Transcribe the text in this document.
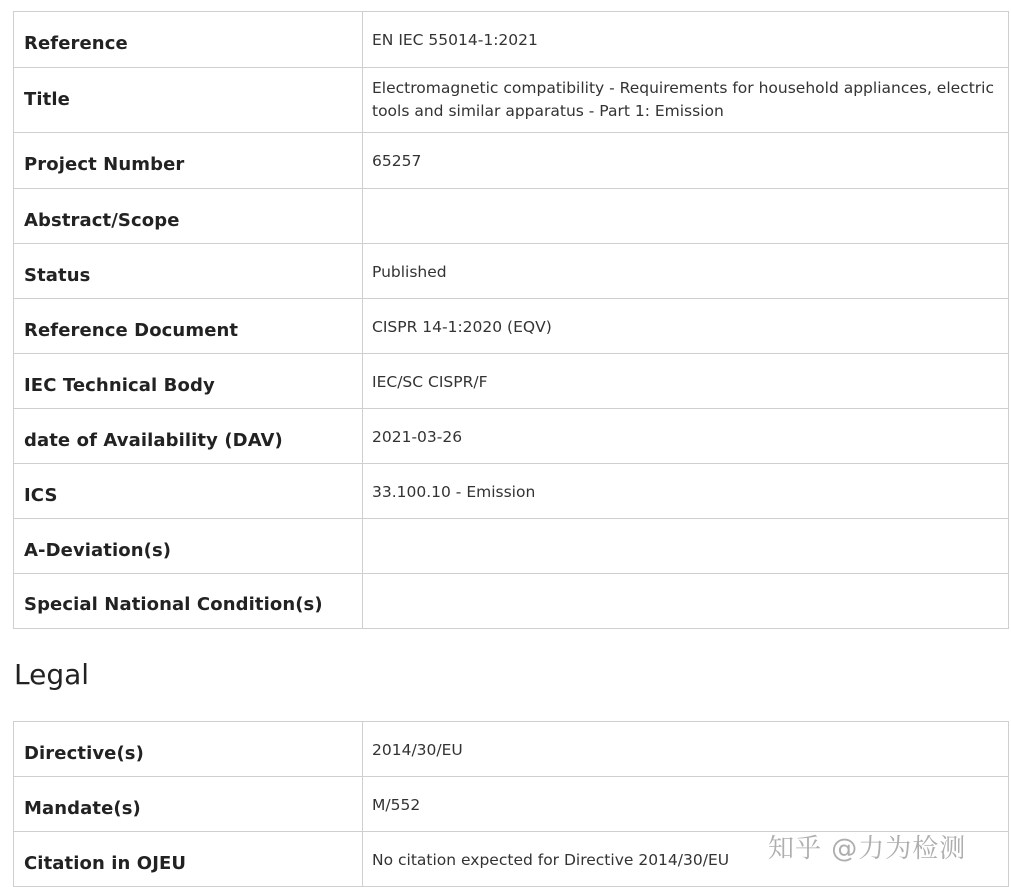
Reference	EN IEC 55014-1:2021
Title	Electromagnetic compatibility - Requirements for household appliances, electric tools and similar apparatus - Part 1: Emission
Project Number	65257
Abstract/Scope	
Status	Published
Reference Document	CISPR 14-1:2020 (EQV)
IEC Technical Body	IEC/SC CISPR/F
date of Availability (DAV)	2021-03-26
ICS	33.100.10 - Emission
A-Deviation(s)	
Special National Condition(s)	
Legal
Directive(s)	2014/30/EU
Mandate(s)	M/552
Citation in OJEU	No citation expected for Directive 2014/30/EU 知乎 @力为检测
